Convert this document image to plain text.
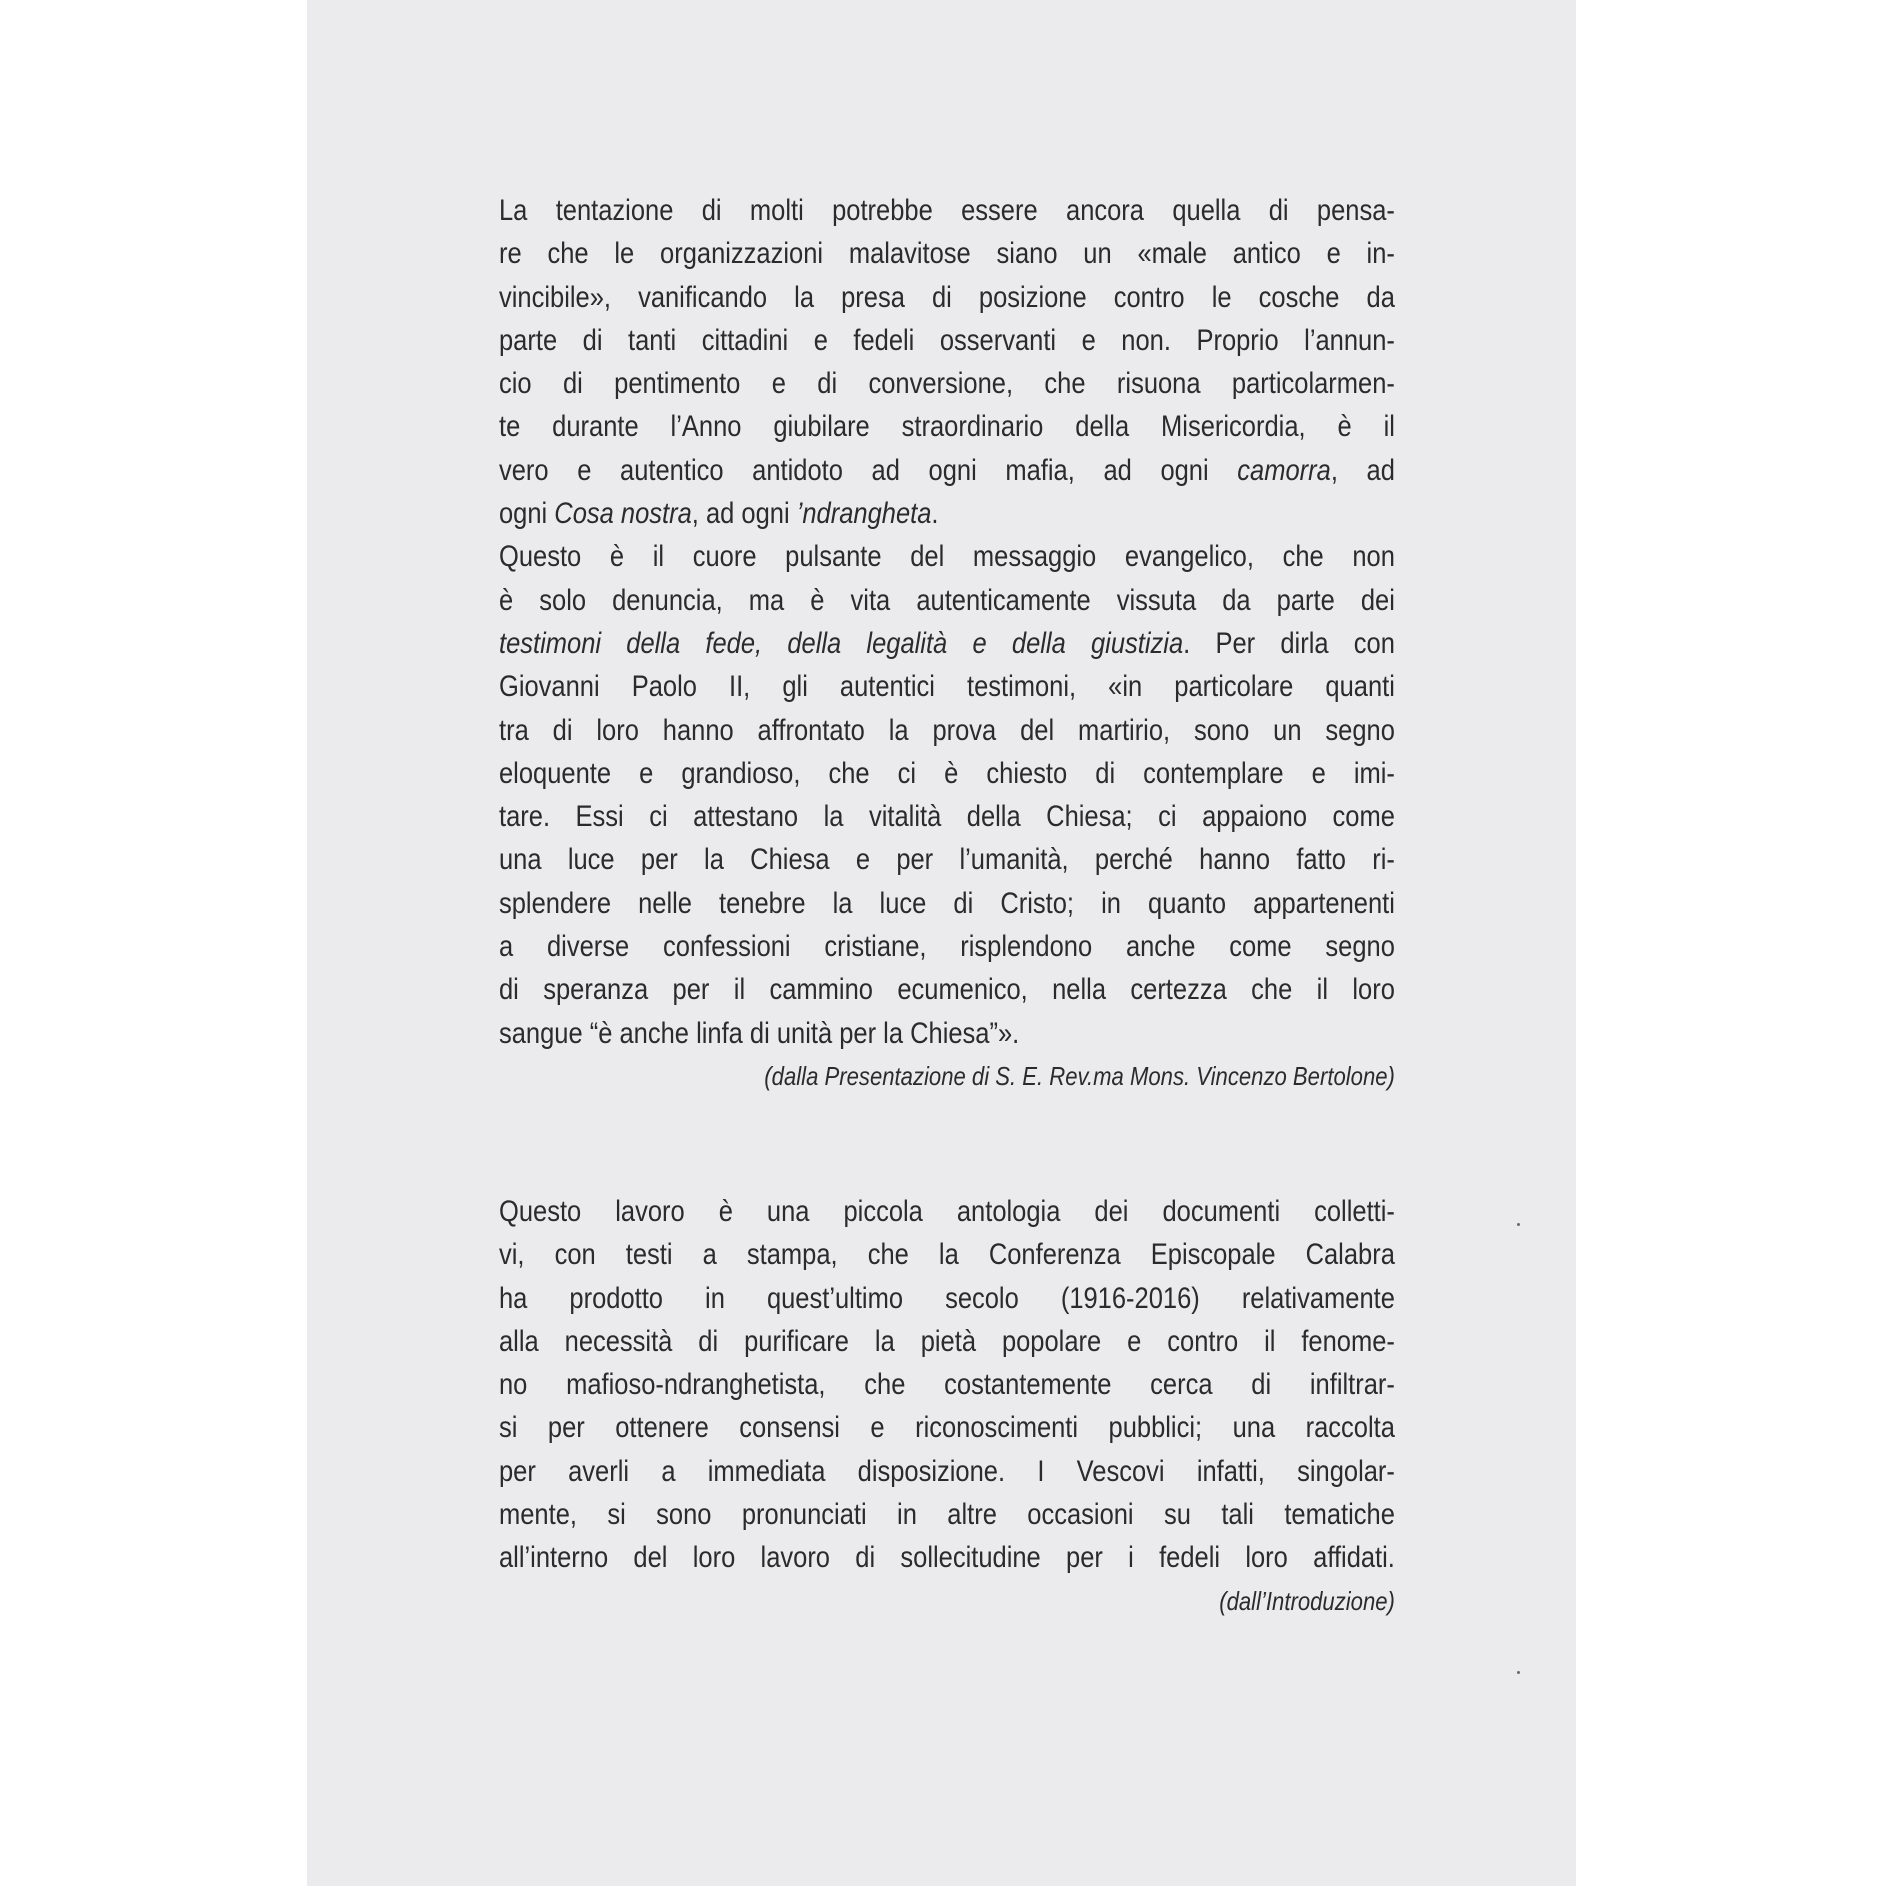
La tentazione di molti potrebbe essere ancora quella di pensa-
re che le organizzazioni malavitose siano un «male antico e in-
vincibile», vanificando la presa di posizione contro le cosche da
parte di tanti cittadini e fedeli osservanti e non. Proprio l’annun-
cio di pentimento e di conversione, che risuona particolarmen-
te durante l’Anno giubilare straordinario della Misericordia, è il
vero e autentico antidoto ad ogni mafia, ad ogni camorra, ad
ogni Cosa nostra, ad ogni ’ndrangheta.
Questo è il cuore pulsante del messaggio evangelico, che non
è solo denuncia, ma è vita autenticamente vissuta da parte dei
testimoni della fede, della legalità e della giustizia. Per dirla con
Giovanni Paolo II, gli autentici testimoni, «in particolare quanti
tra di loro hanno affrontato la prova del martirio, sono un segno
eloquente e grandioso, che ci è chiesto di contemplare e imi-
tare. Essi ci attestano la vitalità della Chiesa; ci appaiono come
una luce per la Chiesa e per l’umanità, perché hanno fatto ri-
splendere nelle tenebre la luce di Cristo; in quanto appartenenti
a diverse confessioni cristiane, risplendono anche come segno
di speranza per il cammino ecumenico, nella certezza che il loro
sangue “è anche linfa di unità per la Chiesa”».
(dalla Presentazione di S. E. Rev.ma Mons. Vincenzo Bertolone)
Questo lavoro è una piccola antologia dei documenti colletti-
vi, con testi a stampa, che la Conferenza Episcopale Calabra
ha prodotto in quest’ultimo secolo (1916-2016) relativamente
alla necessità di purificare la pietà popolare e contro il fenome-
no mafioso-ndranghetista, che costantemente cerca di infiltrar-
si per ottenere consensi e riconoscimenti pubblici; una raccolta
per averli a immediata disposizione. I Vescovi infatti, singolar-
mente, si sono pronunciati in altre occasioni su tali tematiche
all’interno del loro lavoro di sollecitudine per i fedeli loro affidati.
(dall’Introduzione)
